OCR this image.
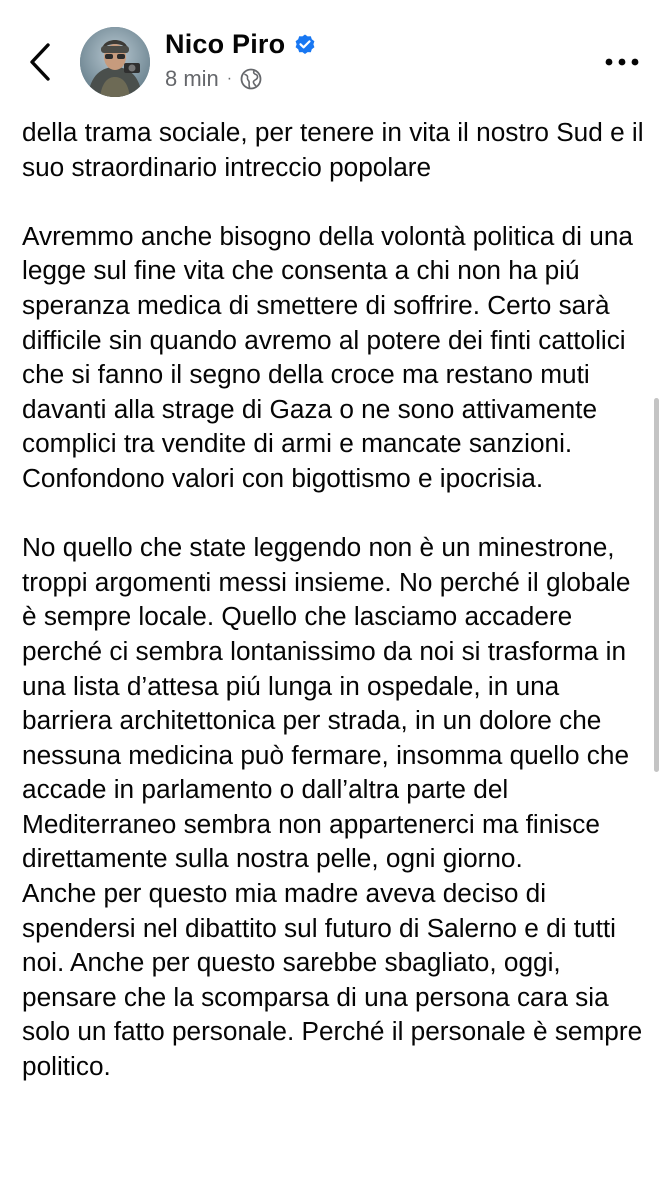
Nico Piro
8 min ·

della trama sociale, per tenere in vita il nostro Sud e il suo straordinario intreccio popolare

Avremmo anche bisogno della volontà politica di una legge sul fine vita che consenta a chi non ha piú speranza medica di smettere di soffrire. Certo sarà difficile sin quando avremo al potere dei finti cattolici che si fanno il segno della croce ma restano muti davanti alla strage di Gaza o ne sono attivamente complici tra vendite di armi e mancate sanzioni. Confondono valori con bigottismo e ipocrisia.

No quello che state leggendo non è un minestrone, troppi argomenti messi insieme. No perché il globale è sempre locale. Quello che lasciamo accadere perché ci sembra lontanissimo da noi si trasforma in una lista d’attesa piú lunga in ospedale, in una barriera architettonica per strada, in un dolore che nessuna medicina può fermare, insomma quello che accade in parlamento o dall’altra parte del Mediterraneo sembra non appartenerci ma finisce direttamente sulla nostra pelle, ogni giorno.

Anche per questo mia madre aveva deciso di spendersi nel dibattito sul futuro di Salerno e di tutti noi. Anche per questo sarebbe sbagliato, oggi, pensare che la scomparsa di una persona cara sia solo un fatto personale. Perché il personale è sempre politico.
